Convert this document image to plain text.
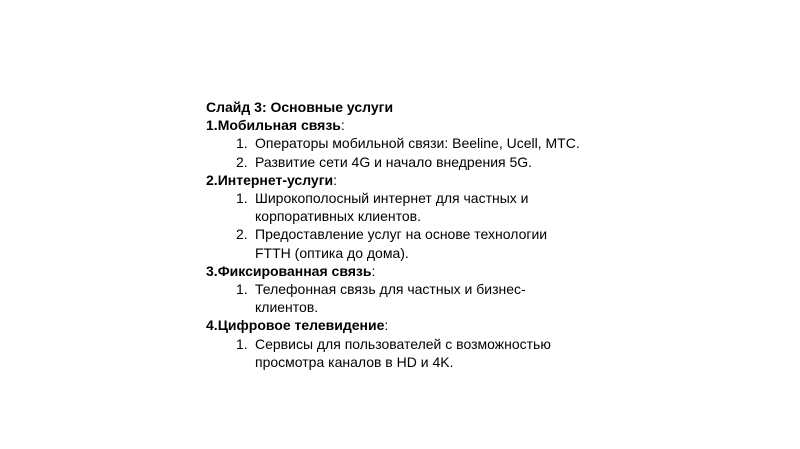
Слайд 3: Основные услуги

1.Мобильная связь:

1. Операторы мобильной связи: Beeline, Ucell, MTC.
2. Развитие сети 4G и начало внедрения 5G.

2.Интернет-услуги:

1. Широкополосный интернет для частных и корпоративных клиентов.
2. Предоставление услуг на основе технологии FTTH (оптика до дома).

3.Фиксированная связь:

1. Телефонная связь для частных и бизнес-клиентов.

4.Цифровое телевидение:

1. Сервисы для пользователей с возможностью просмотра каналов в HD и 4K.
